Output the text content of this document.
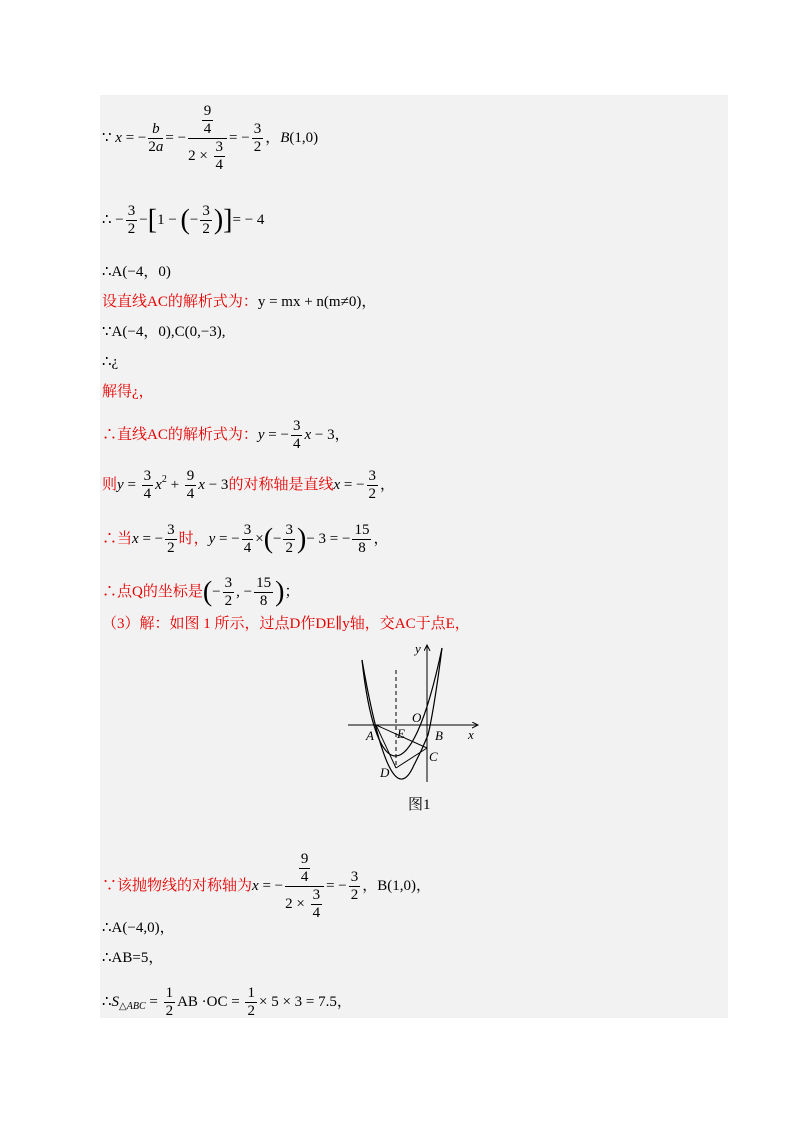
∵ x = − $\frac{b}{2a}$ = − $\frac{\frac{9}{4}}{2 \times \frac{3}{4}}$ = − $\frac{3}{2}$ ，B(1,0)
∴ − $\frac{3}{2} -[1$ − (− $\frac{3}{2}$ )]= − 4
∴A(−4，0)
设直线AC的解析式为：y = mx + n(m≠0)，
∵A(−4，0),C(0,−3),
∴¿
解得¿，
∴直线AC的解析式为：y = − $\frac{3}{4}$ x − 3，
则$y = \frac{3}{4} x^2 + \frac{9}{4}$ x − 3的对称轴是直线x = − $\frac{3}{2}$ ，
∴当x = − $\frac{3}{2}$ 时，y = − $\frac{3}{4}$ ×(− $\frac{3}{2}$ )− 3 = − $\frac{15}{8}$ ，
∴点Q的坐标是(− $\frac{3}{2}$ , − $\frac{15}{8}$ )；
（3）解：如图 1 所示，过点D作DE∥y轴，交AC于点E，
y
x
O
A E B
C
D
图1
∵该抛物线的对称轴为x = − $\frac{\frac{9}{4}}{2 \times \frac{3}{4}}$ = − $\frac{3}{2}$ ，B(1,0)，
∴A(−4,0)，
∴AB=5，
$\therefore S_{\triangle ABC} = \frac{1}{2}$ AB $\cdot OC = \frac{1}{2} \times 5 \times 3 = 7.5$，
